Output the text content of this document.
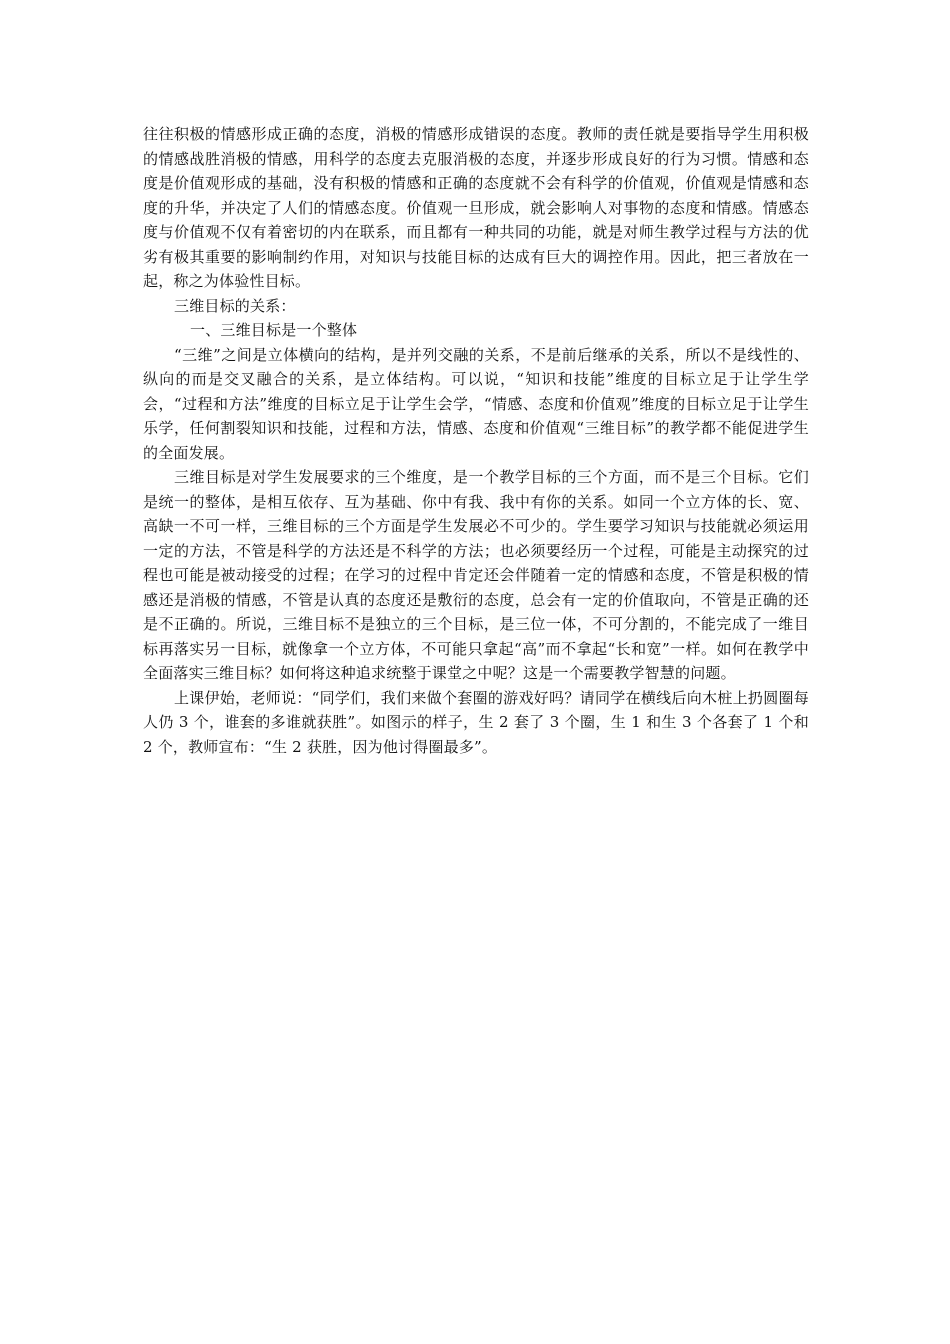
往往积极的情感形成正确的态度，消极的情感形成错误的态度。教师的责任就是要指导学生用积极的情感战胜消极的情感，用科学的态度去克服消极的态度，并逐步形成良好的行为习惯。情感和态度是价值观形成的基础，没有积极的情感和正确的态度就不会有科学的价值观，价值观是情感和态度的升华，并决定了人们的情感态度。价值观一旦形成，就会影响人对事物的态度和情感。情感态度与价值观不仅有着密切的内在联系，而且都有一种共同的功能，就是对师生教学过程与方法的优劣有极其重要的影响制约作用，对知识与技能目标的达成有巨大的调控作用。因此，把三者放在一起，称之为体验性目标。

三维目标的关系：

一、三维目标是一个整体

“三维”之间是立体横向的结构，是并列交融的关系，不是前后继承的关系，所以不是线性的、纵向的而是交叉融合的关系，是立体结构。可以说，“知识和技能”维度的目标立足于让学生学会，“过程和方法”维度的目标立足于让学生会学，“情感、态度和价值观”维度的目标立足于让学生乐学，任何割裂知识和技能，过程和方法，情感、态度和价值观“三维目标”的教学都不能促进学生的全面发展。

三维目标是对学生发展要求的三个维度，是一个教学目标的三个方面，而不是三个目标。它们是统一的整体，是相互依存、互为基础、你中有我、我中有你的关系。如同一个立方体的长、宽、高缺一不可一样，三维目标的三个方面是学生发展必不可少的。学生要学习知识与技能就必须运用一定的方法，不管是科学的方法还是不科学的方法；也必须要经历一个过程，可能是主动探究的过程也可能是被动接受的过程；在学习的过程中肯定还会伴随着一定的情感和态度，不管是积极的情感还是消极的情感，不管是认真的态度还是敷衍的态度，总会有一定的价值取向，不管是正确的还是不正确的。所说，三维目标不是独立的三个目标，是三位一体，不可分割的，不能完成了一维目标再落实另一目标，就像拿一个立方体，不可能只拿起“高”而不拿起“长和宽”一样。如何在教学中全面落实三维目标？如何将这种追求统整于课堂之中呢？这是一个需要教学智慧的问题。

上课伊始，老师说：“同学们，我们来做个套圈的游戏好吗？请同学在横线后向木桩上扔圆圈每人仍 3 个，谁套的多谁就获胜”。如图示的样子，生 2 套了 3 个圈，生 1 和生 3 个各套了 1 个和 2 个，教师宣布：“生 2 获胜，因为他讨得圈最多”。
